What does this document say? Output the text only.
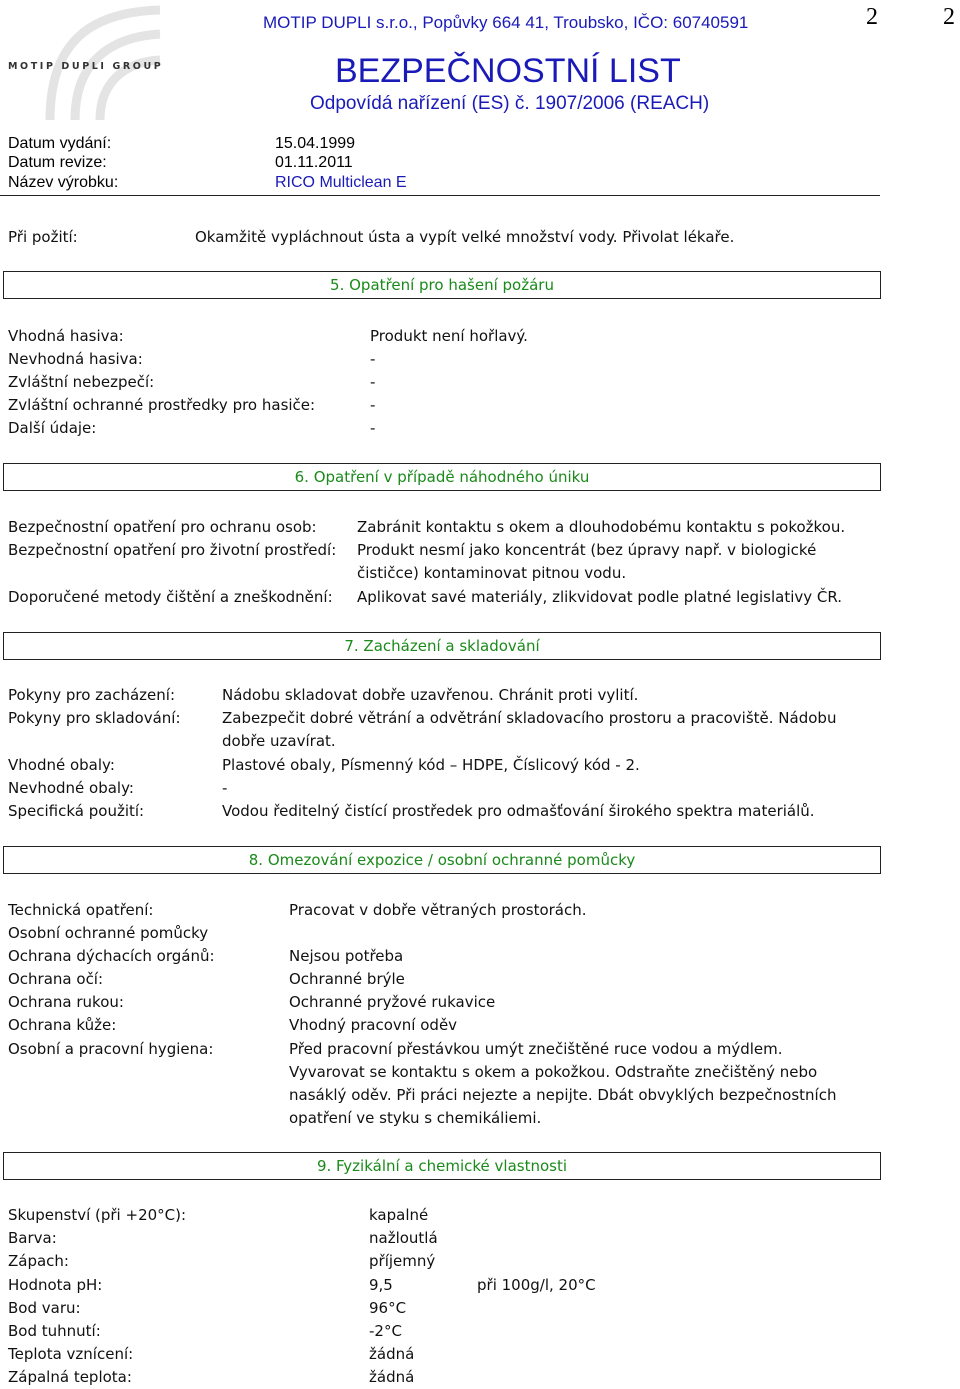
MOTIP DUPLI GROUP
MOTIP DUPLI s.r.o., Popůvky 664 41, Troubsko, IČO: 60740591	2	2
BEZPEČNOSTNÍ LIST
Odpovídá nařízení (ES) č. 1907/2006 (REACH)
Datum vydání:	15.04.1999
Datum revize:	01.11.2011
Název výrobku:	RICO Multiclean E
Při požití:	Okamžitě vypláchnout ústa a vypít velké množství vody. Přivolat lékaře.
5. Opatření pro hašení požáru
Vhodná hasiva:	Produkt není hořlavý.
Nevhodná hasiva:	-
Zvláštní nebezpečí:	-
Zvláštní ochranné prostředky pro hasiče:	-
Další údaje:	-
6. Opatření v případě náhodného úniku
Bezpečnostní opatření pro ochranu osob:	Zabránit kontaktu s okem a dlouhodobému kontaktu s pokožkou.
Bezpečnostní opatření pro životní prostředí: Produkt nesmí jako koncentrát (bez úpravy např. v biologické
čističce) kontaminovat pitnou vodu.
Doporučené metody čištění a zneškodnění: Aplikovat savé materiály, zlikvidovat podle platné legislativy ČR.
7. Zacházení a skladování
Pokyny pro zacházení:	Nádobu skladovat dobře uzavřenou. Chránit proti vylití.
Pokyny pro skladování:	Zabezpečit dobré větrání a odvětrání skladovacího prostoru a pracoviště. Nádobu
dobře uzavírat.
Vhodné obaly:	Plastové obaly, Písmenný kód – HDPE, Číslicový kód - 2.
Nevhodné obaly:	-
Specifická použití:	Vodou ředitelný čistící prostředek pro odmašťování širokého spektra materiálů.
8. Omezování expozice / osobní ochranné pomůcky
Technická opatření:	Pracovat v dobře větraných prostorách.
Osobní ochranné pomůcky
Ochrana dýchacích orgánů:	Nejsou potřeba
Ochrana očí:	Ochranné brýle
Ochrana rukou:	Ochranné pryžové rukavice
Ochrana kůže:	Vhodný pracovní oděv
Osobní a pracovní hygiena:	Před pracovní přestávkou umýt znečištěné ruce vodou a mýdlem.
Vyvarovat se kontaktu s okem a pokožkou. Odstraňte znečištěný nebo
nasáklý oděv. Při práci nejezte a nepijte. Dbát obvyklých bezpečnostních
opatření ve styku s chemikáliemi.
9. Fyzikální a chemické vlastnosti
Skupenství (při +20°C):	kapalné
Barva:	nažloutlá
Zápach:	příjemný
Hodnota pH:	9,5	při 100g/l, 20°C
Bod varu:	96°C
Bod tuhnutí:	-2°C
Teplota vznícení:	žádná
Zápalná teplota:	žádná
